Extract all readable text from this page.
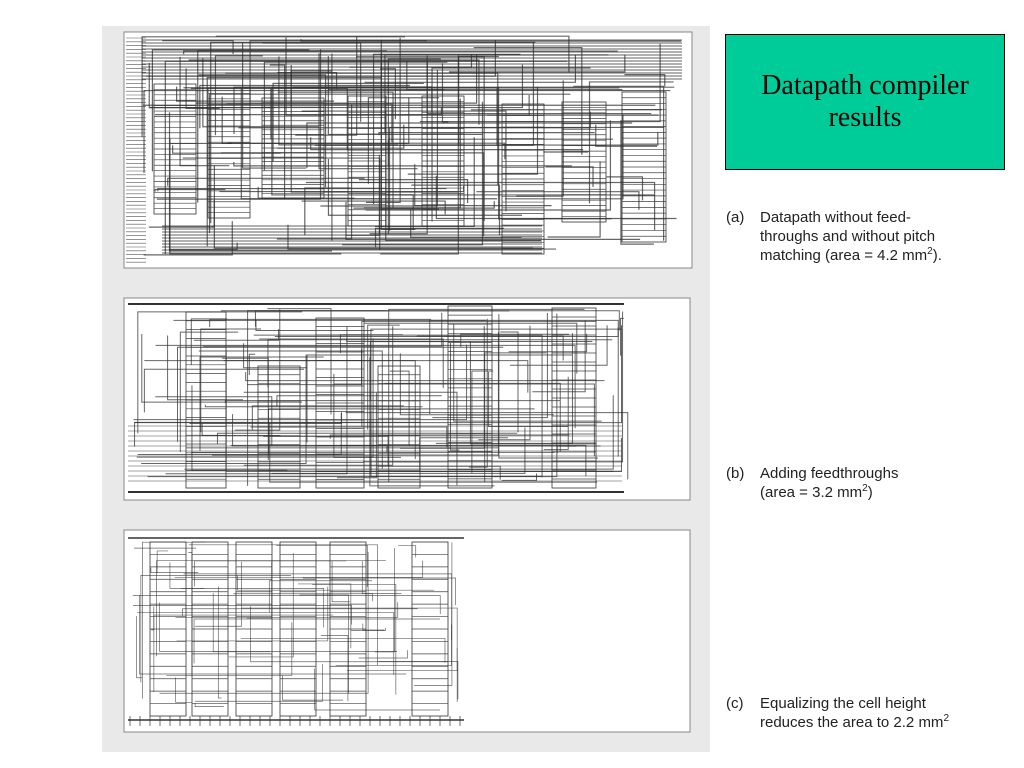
Datapath compiler
results
(a) Datapath without feed-
throughs and without pitch
matching (area = 4.2 $mm^2$).
(b) Adding feedthroughs
(area = 3.2 $mm^2$)
(c) Equalizing the cell height
reduces the area to 2.2 $mm^2$
